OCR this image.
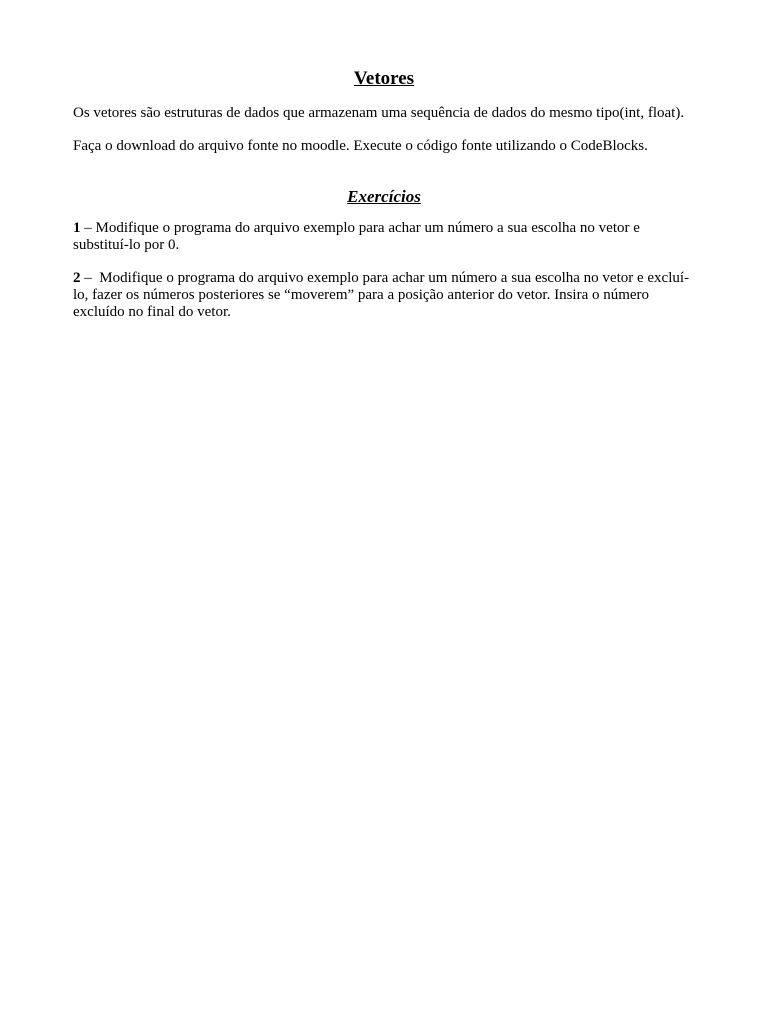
Vetores

Os vetores são estruturas de dados que armazenam uma sequência de dados do mesmo tipo(int, float).

Faça o download do arquivo fonte no moodle. Execute o código fonte utilizando o CodeBlocks.

Exercícios

1 – Modifique o programa do arquivo exemplo para achar um número a sua escolha no vetor e substituí-lo por 0.

2 –  Modifique o programa do arquivo exemplo para achar um número a sua escolha no vetor e excluí-lo, fazer os números posteriores se “moverem” para a posição anterior do vetor. Insira o número excluído no final do vetor.
